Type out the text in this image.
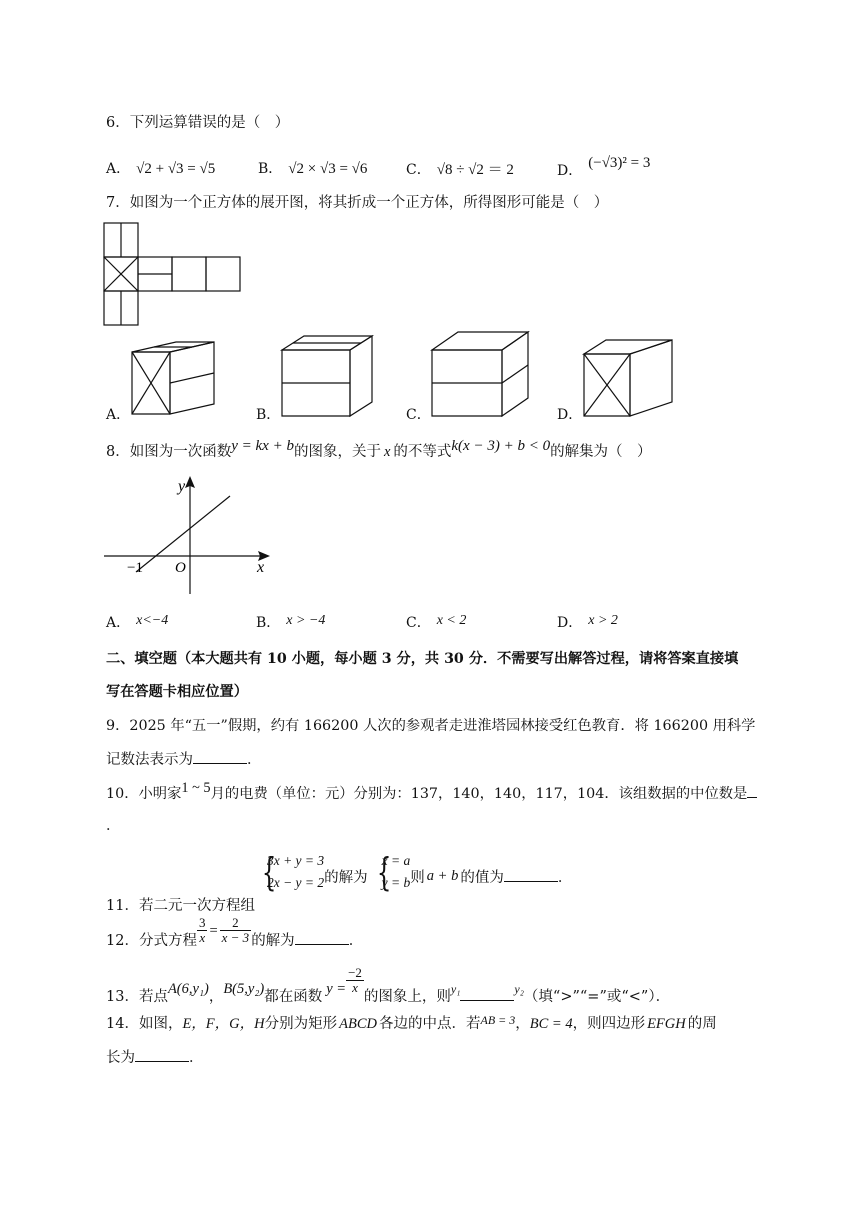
6．下列运算错误的是（　）
A． √2 + √3 = √5	B． √2 × √3 = √6	C． √8 ÷ √2 ＝ 2	D． (−√3)² = 3
7．如图为一个正方体的展开图，将其折成一个正方体，所得图形可能是（　）
A．	B．	C．	D．
8．如图为一次函数y = kx + b的图象，关于 x 的不等式k(x − 3) + b < 0的解集为（　）
y
x
O
−1
A． x<−4	B． x > −4	C． x < 2	D． x > 2
二、填空题（本大题共有 10 小题，每小题 3 分，共 30 分．不需要写出解答过程，请将答案直接填
写在答题卡相应位置）
9．2025 年“五一”假期，约有 166200 人次的参观者走进淮塔园林接受红色教育．将 166200 用科学
记数法表示为	．
10．小明家1 ~ 5月的电费（单位：元）分别为：137，140，140，117，104．该组数据的中位数是
．
11．若二元一次方程组
{ 3x + y = 3
2x − y = 2 的解为
{ x = a
y = b 则 a + b 的值为	．
12．分式方程 $\frac{3}{x} = \frac{2}{x - 3}$ 的解为	．
13．若点A(6,y₁)，B(5,y₂)都在函数 $y = \frac{-2}{x}$
的图象上，则$_{y_1}$	$_{y_2}$（填“>”“=”或“<”）．
14．如图，E，F，G，H分别为矩形 ABCD 各边的中点．若$^{AB = 3}$，BC = 4，则四边形 EFGH 的周
长为	．
